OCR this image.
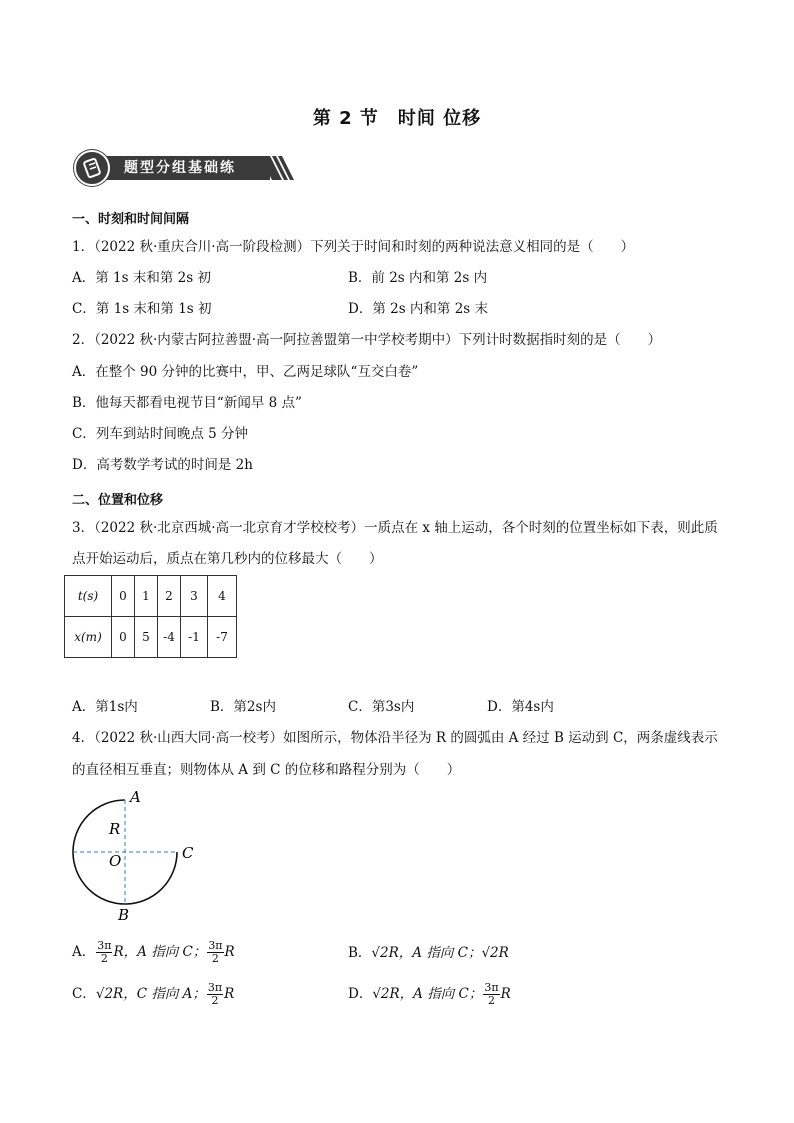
第 2 节　时间 位移
题型分组基础练
一、时刻和时间间隔
1．（2022 秋·重庆合川·高一阶段检测）下列关于时间和时刻的两种说法意义相同的是（　　）
A．第 1s 末和第 2s 初	B．前 2s 内和第 2s 内
C．第 1s 末和第 1s 初	D．第 2s 内和第 2s 末
2．（2022 秋·内蒙古阿拉善盟·高一阿拉善盟第一中学校考期中）下列计时数据指时刻的是（　　）
A．在整个 90 分钟的比赛中，甲、乙两足球队“互交白卷”
B．他每天都看电视节目“新闻早 8 点”
C．列车到站时间晚点 5 分钟
D．高考数学考试的时间是 2h
二、位置和位移
3．（2022 秋·北京西城·高一北京育才学校校考）一质点在 x 轴上运动，各个时刻的位置坐标如下表，则此质
点开始运动后，质点在第几秒内的位移最大（　　）
t(s)	0	1	2	3	4
x(m)	0	5	-4	-1	-7
A．第1s内	B．第2s内	C．第3s内	D．第4s内
4．（2022 秋·山西大同·高一校考）如图所示，物体沿半径为 R 的圆弧由 A 经过 B 运动到 C，两条虚线表示
的直径相互垂直；则物体从 A 到 C 的位移和路程分别为（　　）
A
R
O	C
B
A． $\frac{3\pi}{2}$ R，A 指向 C； $\frac{3\pi}{2}$ R	B．√2R，A 指向 C；√2R
C．√2R，C 指向 A； $\frac{3\pi}{2}$ R	D．√2R，A 指向 C； $\frac{3\pi}{2}$ R
